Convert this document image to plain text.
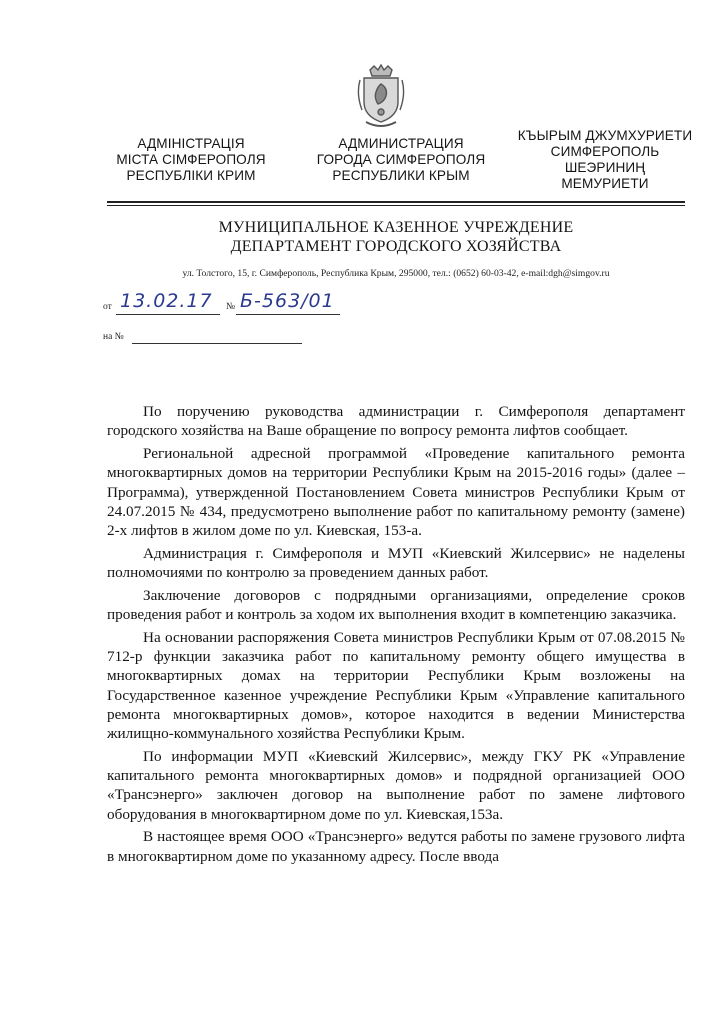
АДМІНІСТРАЦІЯ
МІСТА СІМФЕРОПОЛЯ
РЕСПУБЛІКИ КРИМ
АДМИНИСТРАЦИЯ
ГОРОДА СИМФЕРОПОЛЯ
РЕСПУБЛИКИ КРЫМ
КЪЫРЫМ ДЖУМХУРИЕТИ
СИМФЕРОПОЛЬ
ШЕЭРИНИҢ
МЕМУРИЕТИ
МУНИЦИПАЛЬНОЕ КАЗЕННОЕ УЧРЕЖДЕНИЕ
ДЕПАРТАМЕНТ ГОРОДСКОГО ХОЗЯЙСТВА
ул. Толстого, 15, г. Симферополь, Республика Крым, 295000, тел.: (0652) 60-03-42, e-mail:dgh@simgov.ru
от 13.02.17 № Б-563/01
на №

По поручению руководства администрации г. Симферополя департамент городского хозяйства на Ваше обращение по вопросу ремонта лифтов сообщает.

Региональной адресной программой «Проведение капитального ремонта многоквартирных домов на территории Республики Крым на 2015-2016 годы» (далее – Программа), утвержденной Постановлением Совета министров Республики Крым от 24.07.2015 № 434, предусмотрено выполнение работ по капитальному ремонту (замене) 2-х лифтов в жилом доме по ул. Киевская, 153-а.

Администрация г. Симферополя и МУП «Киевский Жилсервис» не наделены полномочиями по контролю за проведением данных работ.

Заключение договоров с подрядными организациями, определение сроков проведения работ и контроль за ходом их выполнения входит в компетенцию заказчика.

На основании распоряжения Совета министров Республики Крым от 07.08.2015 № 712-р функции заказчика работ по капитальному ремонту общего имущества в многоквартирных домах на территории Республики Крым возложены на Государственное казенное учреждение Республики Крым «Управление капитального ремонта многоквартирных домов», которое находится в ведении Министерства жилищно-коммунального хозяйства Республики Крым.

По информации МУП «Киевский Жилсервис», между ГКУ РК «Управление капитального ремонта многоквартирных домов» и подрядной организацией ООО «Трансэнерго» заключен договор на выполнение работ по замене лифтового оборудования в многоквартирном доме по ул. Киевская,153а.

В настоящее время ООО «Трансэнерго» ведутся работы по замене грузового лифта в многоквартирном доме по указанному адресу. После ввода
